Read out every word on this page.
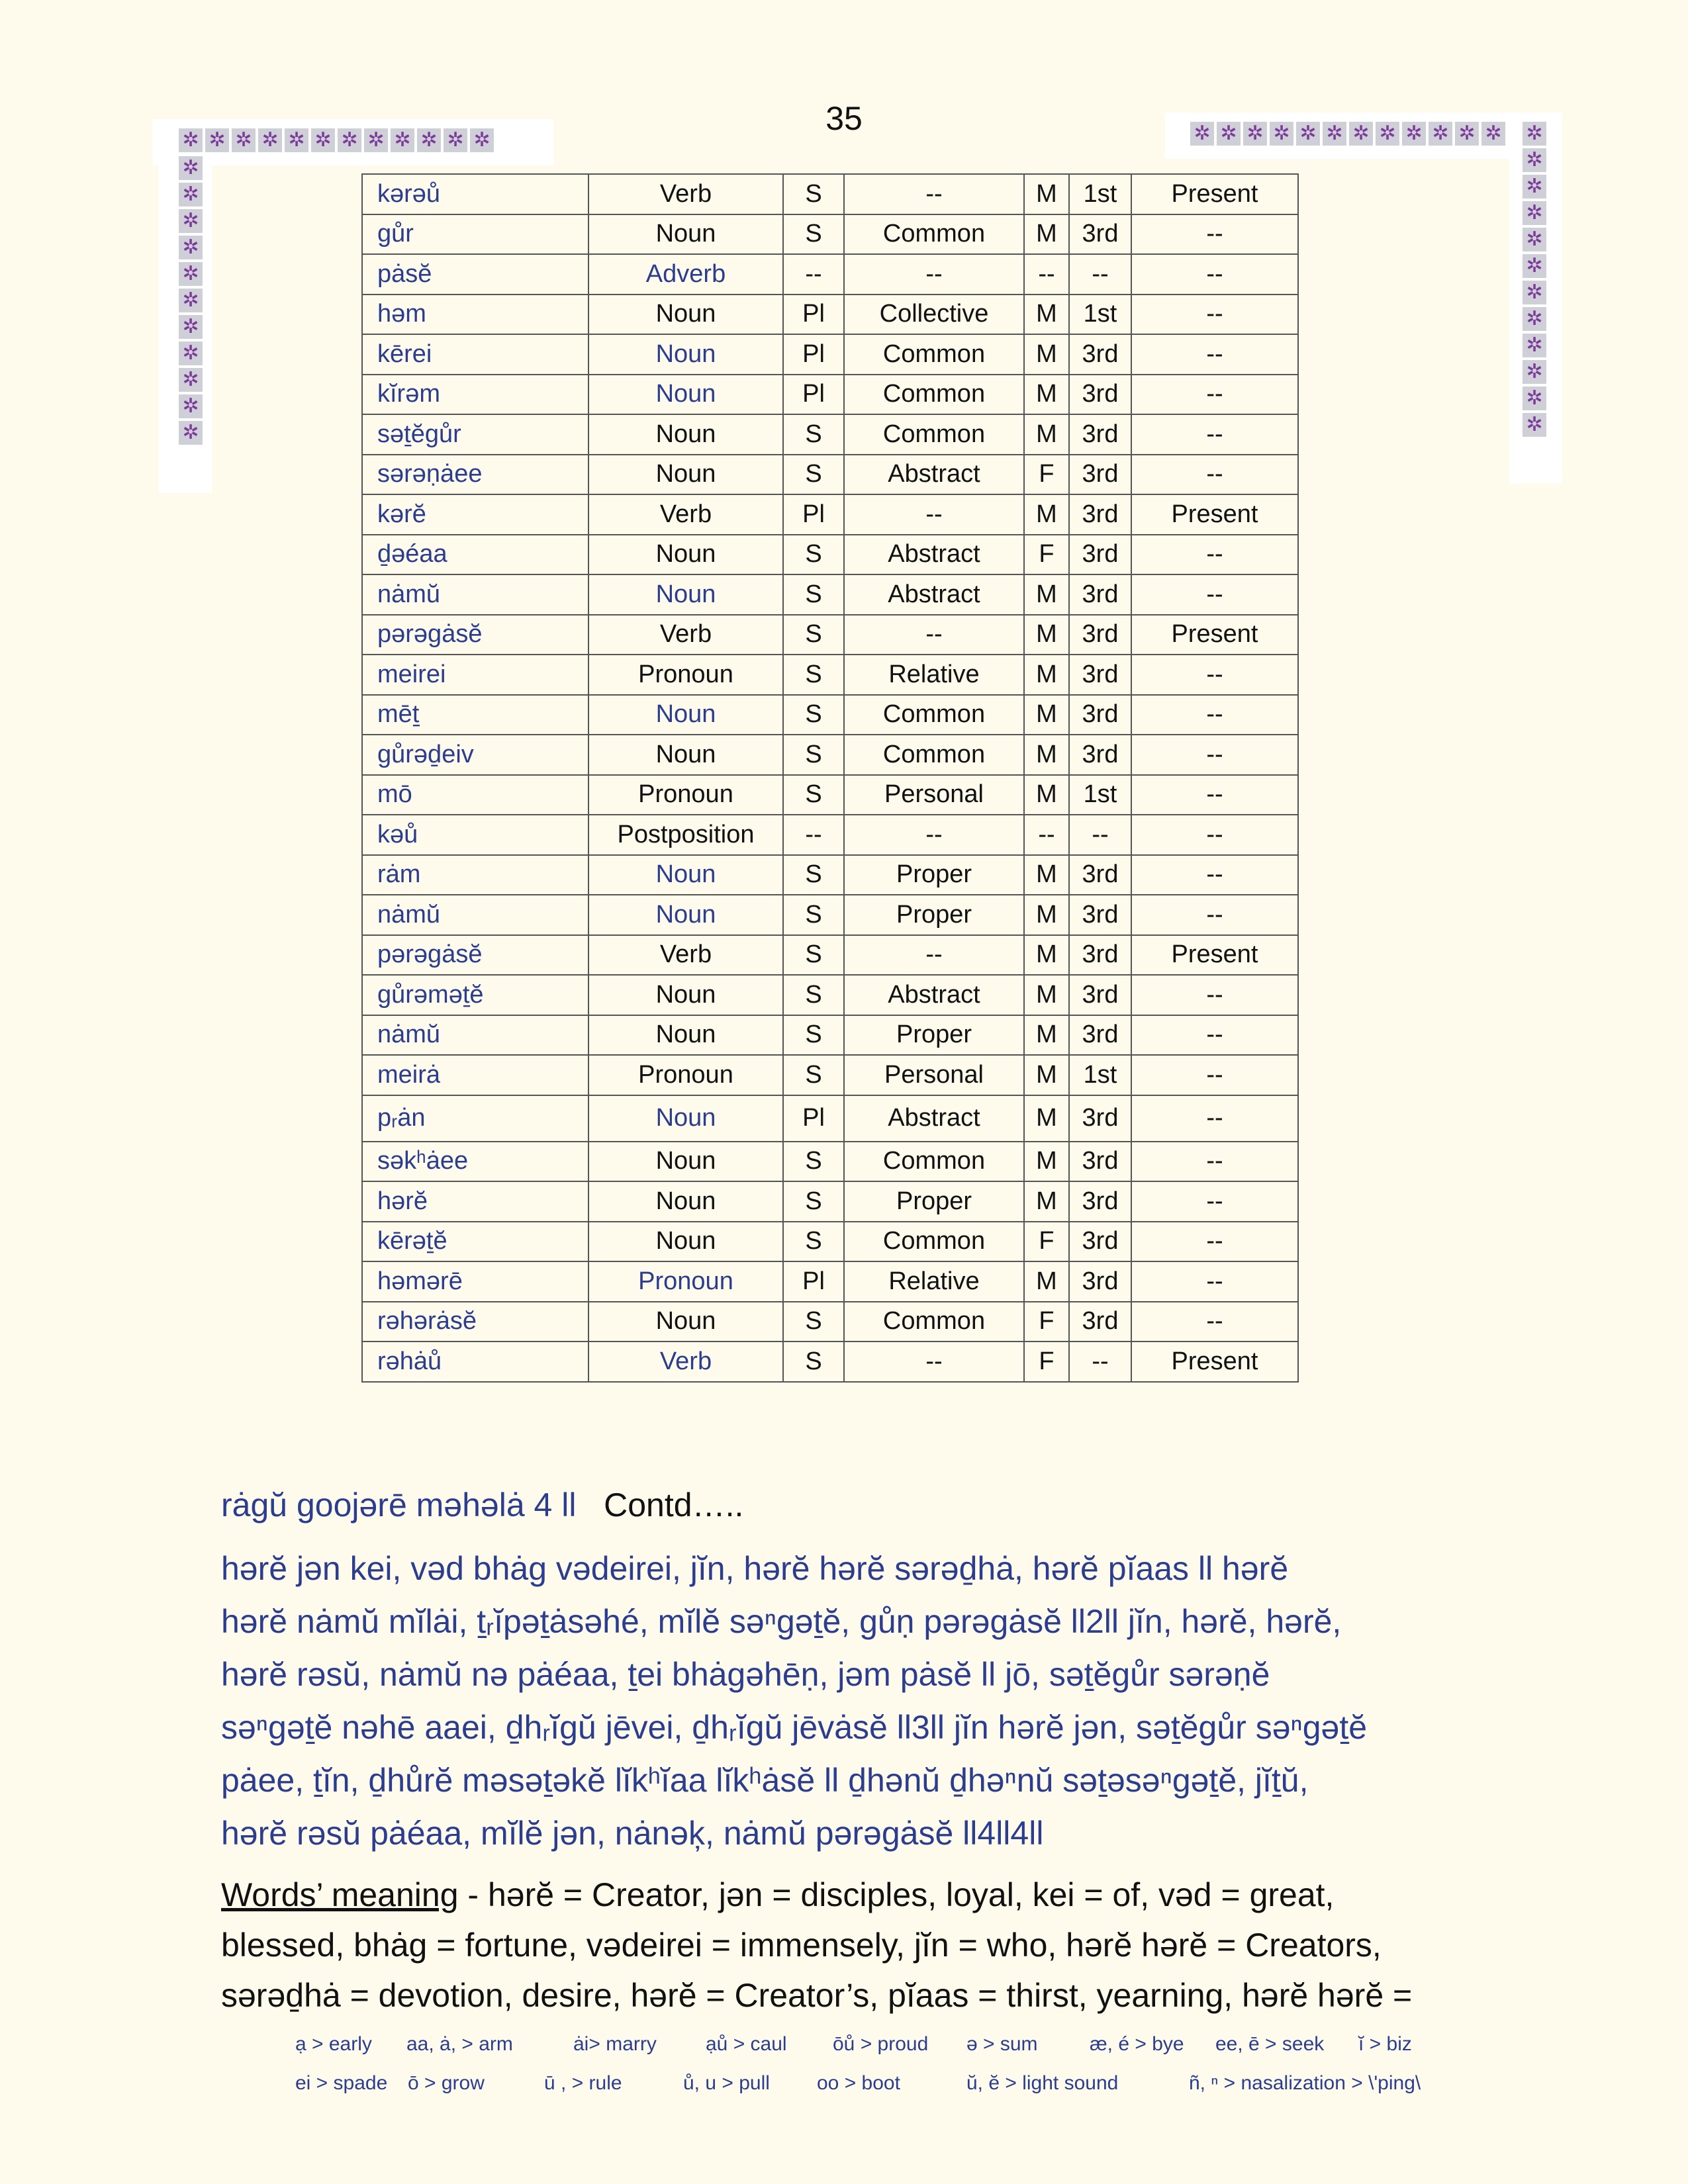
35
✲ ✲ ✲ ✲ ✲ ✲ ✲ ✲ ✲ ✲ ✲ ✲
✲
✲
✲
✲
✲
✲
✲
✲
✲
✲
✲
✲ ✲ ✲ ✲ ✲ ✲ ✲ ✲ ✲ ✲ ✲ ✲ ✲
✲
✲
✲
✲
✲
✲
✲
✲
✲
✲
✲
kərəů	Verb	S	--	M	1st	Present
gůr	Noun	S	Common	M	3rd	--
pȧsĕ	Adverb	--	--	--	--	--
həm	Noun	Pl	Collective	M	1st	--
kērei	Noun	Pl	Common	M	3rd	--
kĭrəm	Noun	Pl	Common	M	3rd	--
səṯĕgůr	Noun	S	Common	M	3rd	--
sərəṇȧee	Noun	S	Abstract	F	3rd	--
kərĕ	Verb	Pl	--	M	3rd	Present
ḏəéaa	Noun	S	Abstract	F	3rd	--
nȧmŭ	Noun	S	Abstract	M	3rd	--
pərəgȧsĕ	Verb	S	--	M	3rd	Present
meirei	Pronoun	S	Relative	M	3rd	--
mēṯ	Noun	S	Common	M	3rd	--
gůrəḏeiv	Noun	S	Common	M	3rd	--
mō	Pronoun	S	Personal	M	1st	--
kəů	Postposition	--	--	--	--	--
rȧm	Noun	S	Proper	M	3rd	--
nȧmŭ	Noun	S	Proper	M	3rd	--
pərəgȧsĕ	Verb	S	--	M	3rd	Present
gůrəməṯĕ	Noun	S	Abstract	M	3rd	--
nȧmŭ	Noun	S	Proper	M	3rd	--
meirȧ	Pronoun	S	Personal	M	1st	--
pᵣȧn	Noun	Pl	Abstract	M	3rd	--
səkʰȧee	Noun	S	Common	M	3rd	--
hərĕ	Noun	S	Proper	M	3rd	--
kērəṯĕ	Noun	S	Common	F	3rd	--
həmərē	Pronoun	Pl	Relative	M	3rd	--
rəhərȧsĕ	Noun	S	Common	F	3rd	--
rəhȧů	Verb	S	--	F	--	Present
rȧgŭ goojərē məhəlȧ 4 ll Contd…..
hərĕ jən kei, vəd bhȧg vədeirei, jĭn, hərĕ hərĕ sərəḏhȧ, hərĕ pĭaas ll hərĕ
hərĕ nȧmŭ mĭlȧi, ṯᵣĭpəṯȧsəhé, mĭlĕ səⁿgəṯĕ, gůṇ pərəgȧsĕ ll2ll jĭn, hərĕ, hərĕ,
hərĕ rəsŭ, nȧmŭ nə pȧéaa, ṯei bhȧgəhēṇ, jəm pȧsĕ ll jō, səṯĕgůr sərəṇĕ
səⁿgəṯĕ nəhē aaei, ḏhᵣĭgŭ jēvei, ḏhᵣĭgŭ jēvȧsĕ ll3ll jĭn hərĕ jən, səṯĕgůr səⁿgəṯĕ
pȧee, ṯĭn, ḏhůrĕ məsəṯəkĕ lĭkʰĭaa lĭkʰȧsĕ ll ḏhənŭ ḏhəⁿnŭ səṯəsəⁿgəṯĕ, jĭṯŭ,
hərĕ rəsŭ pȧéaa, mĭlĕ jən, nȧnəķ, nȧmŭ pərəgȧsĕ ll4ll4ll
Words’ meaning - hərĕ = Creator, jən = disciples, loyal, kei = of, vəd = great,
blessed, bhȧg = fortune, vədeirei = immensely, jĭn = who, hərĕ hərĕ = Creators,
sərəḏhȧ = devotion, desire, hərĕ = Creator’s, pĭaas = thirst, yearning, hərĕ hərĕ =
ạ > early aa, ȧ, > arm	ȧi> marry ạů > caul ōů > proud ə > sum	æ, é > bye ee, ē > seek ĭ > biz
ei > spade ō > grow	ū , > rule	ů, u > pull oo > boot	ŭ, ĕ > light sound	ñ, ⁿ > nasalization > \'ping\
